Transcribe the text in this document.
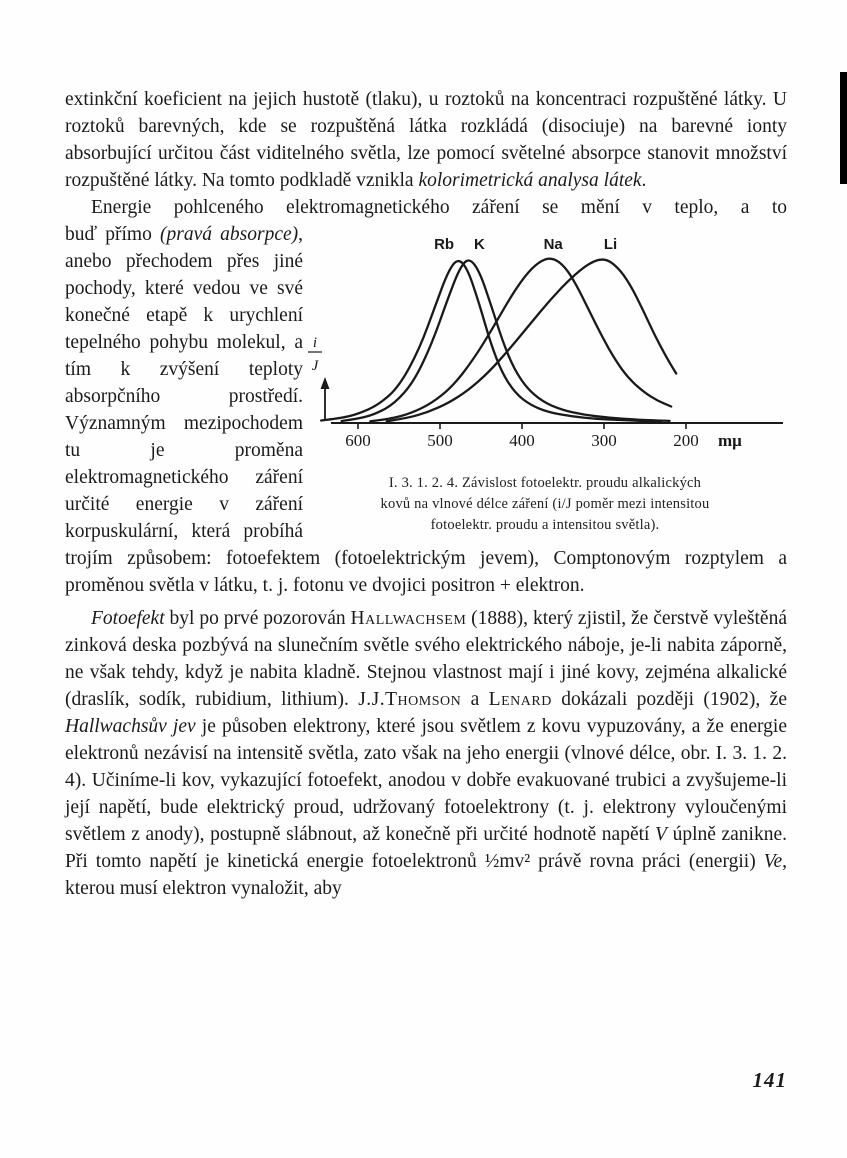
extinkční koeficient na jejich hustotě (tlaku), u roztoků na koncentraci rozpuštěné látky. U roztoků barevných, kde se rozpuštěná látka rozkládá (disociuje) na barevné ionty absorbující určitou část viditelného světla, lze pomocí světelné absorpce stanovit množství rozpuštěné látky. Na tomto podkladě vznikla kolorimetrická analysa látek.

Energie pohlceného elektromagnetického záření se mění v teplo, a to

600	500	400	300	200 mμ
i
J
Rb K	Na	Li
I. 3. 1. 2. 4. Závislost fotoelektr. proudu alkalických
kovů na vlnové délce záření (i/J poměr mezi intensitou
fotoelektr. proudu a intensitou světla).

buď přímo (pravá absorpce), anebo přechodem přes jiné pochody, které vedou ve své konečné etapě k urychlení tepelného pohybu molekul, a tím k zvýšení teploty absorpčního prostředí. Významným mezipochodem tu je proměna elektromagnetického záření určité energie v záření korpuskulární, která probíhá trojím způsobem: fotoefektem (fotoelektrickým jevem), Comptonovým rozptylem a proměnou světla v látku, t. j. fotonu ve dvojici positron + elektron.

Fotoefekt byl po prvé pozorován Hallwachsem (1888), který zjistil, že čerstvě vyleštěná zinková deska pozbývá na slunečním světle svého elektrického náboje, je-li nabita záporně, ne však tehdy, když je nabita kladně. Stejnou vlastnost mají i jiné kovy, zejména alkalické (draslík, sodík, rubidium, lithium). J.J.Thomson a Lenard dokázali později (1902), že Hallwachsův jev je působen elektrony, které jsou světlem z kovu vypuzovány, a že energie elektronů nezávisí na intensitě světla, zato však na jeho energii (vlnové délce, obr. I. 3. 1. 2. 4). Učiníme-li kov, vykazující fotoefekt, anodou v dobře evakuované trubici a zvyšujeme-li její napětí, bude elektrický proud, udržovaný fotoelektrony (t. j. elektrony vyloučenými světlem z anody), postupně slábnout, až konečně při určité hodnotě napětí V úplně zanikne. Při tomto napětí je kinetická energie fotoelektronů ½mv² právě rovna práci (energii) Ve, kterou musí elektron vynaložit, aby

141
